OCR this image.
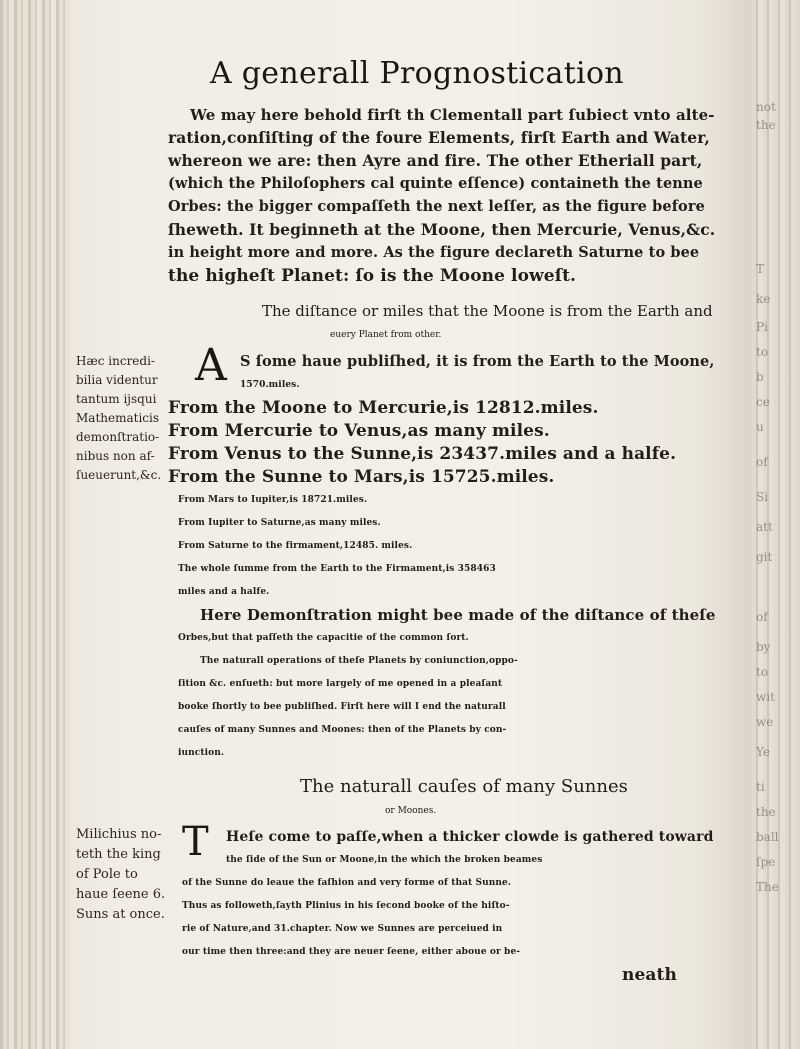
not
the
T
ke
Pi
to
b
ce
u
of
Si
att
git
of
by
to
wit
we
Ye
ti
the
ball
ſpe
The
A generall Prognostication
We may here behold firſt th Clementall part ſubiect vnto alte-
ration,conſiſting of the foure Elements, firſt Earth and Water,
whereon we are: then Ayre and fire. The other Etheriall part,
(which the Philoſophers cal quinte eſſence) containeth the tenne
Orbes: the bigger compaſſeth the next leſſer, as the figure before
ſheweth. It beginneth at the Moone, then Mercurie, Venus,&c.
in height more and more. As the figure declareth Saturne to bee
the higheſt Planet: ſo is the Moone loweſt.
The diſtance or miles that the Moone is from the Earth and
euery Planet from other.
Hæc incredi-
bilia videntur
tantum ijsqui
Mathematicis
demonſtratio-
nibus non af-
ſueuerunt,&c.
A S ſome haue publiſhed, it is from the Earth to the Moone,
1570.miles.
From the Moone to Mercurie,is 12812.miles.
From Mercurie to Venus,as many miles.
From Venus to the Sunne,is 23437.miles and a halfe.
From the Sunne to Mars,is 15725.miles.
From Mars to Iupiter,is 18721.miles.
From Iupiter to Saturne,as many miles.
From Saturne to the firmament,12485. miles.
The whole ſumme from the Earth to the Firmament,is 358463
miles and a halfe.
Here Demonſtration might bee made of the diſtance of theſe
Orbes,but that paſſeth the capacitie of the common ſort.
The naturall operations of theſe Planets by coniunction,oppo-
ſition &c. enſueth: but more largely of me opened in a pleaſant
booke ſhortly to bee publiſhed. Firſt here will I end the naturall
cauſes of many Sunnes and Moones: then of the Planets by con-
iunction.
The naturall cauſes of many Sunnes
or Moones.
Milichius no-
teth the king
of Pole to
haue ſeene 6.
Suns at once.
T Heſe come to paſſe,when a thicker clowde is gathered toward
the ſide of the Sun or Moone,in the which the broken beames
of the Sunne do leaue the faſhion and very forme of that Sunne.
Thus as followeth,ſayth Plinius in his ſecond booke of the hiſto-
rie of Nature,and 31.chapter. Now we Sunnes are perceiued in
our time then three:and they are neuer ſeene, either aboue or be-
neath
